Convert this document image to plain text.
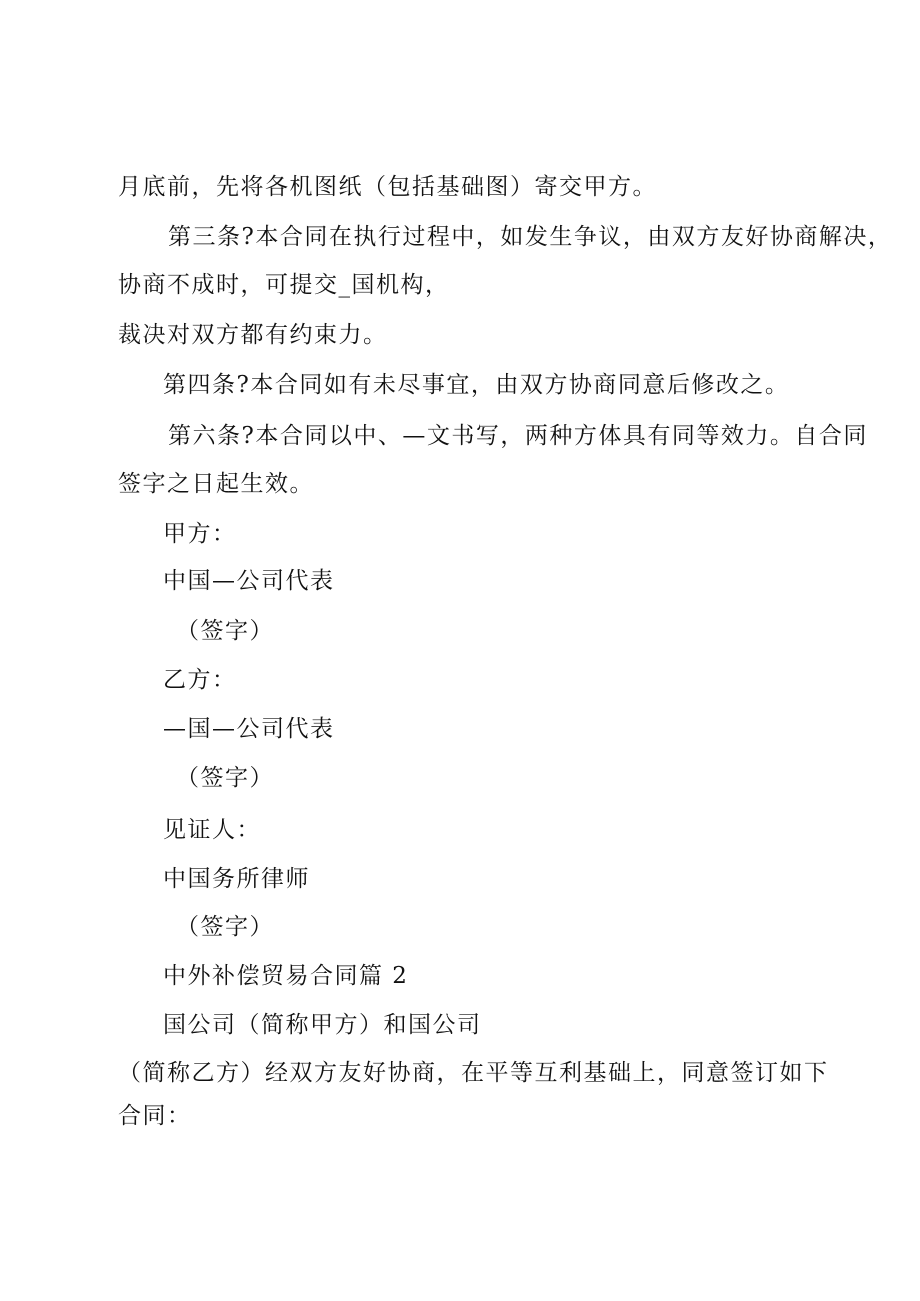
月底前，先将各机图纸（包括基础图）寄交甲方。
第三条?本合同在执行过程中，如发生争议，由双方友好协商解决，
协商不成时，可提交_国机构，
裁决对双方都有约束力。
第四条?本合同如有未尽事宜，由双方协商同意后修改之。
第六条?本合同以中、—文书写，两种方体具有同等效力。自合同
签字之日起生效。
甲方：
中国—公司代表
（签字）
乙方：
—国—公司代表
（签字）
见证人：
中国务所律师
（签字）
中外补偿贸易合同篇 2
国公司（简称甲方）和国公司
（简称乙方）经双方友好协商，在平等互利基础上，同意签订如下
合同：
